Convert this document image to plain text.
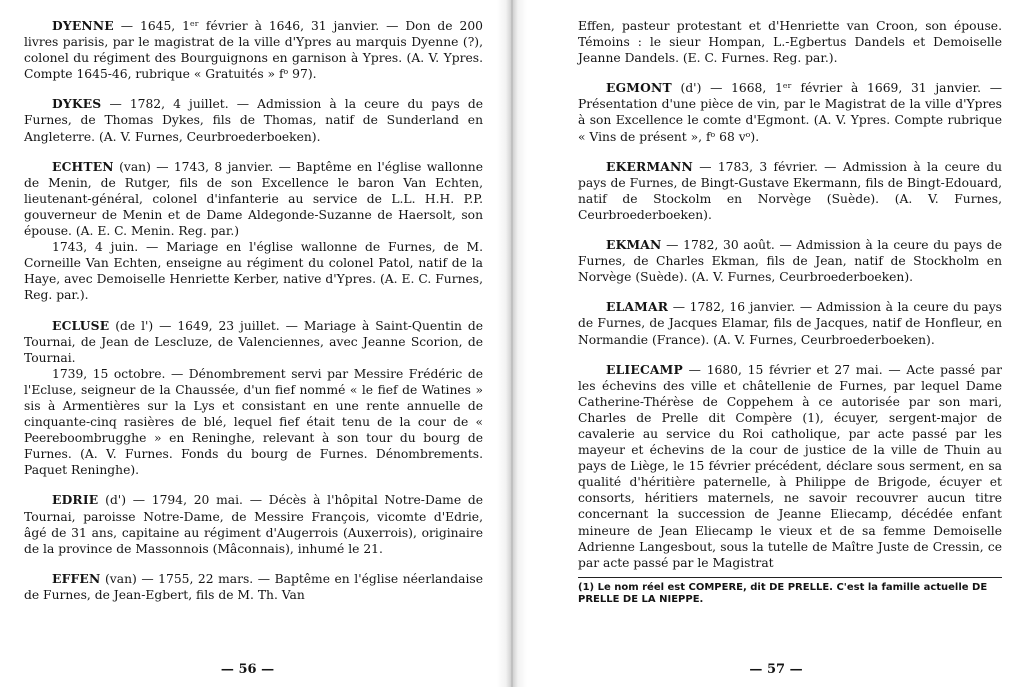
DYENNE — 1645, 1ᵉʳ février à 1646, 31 janvier. — Don de 200 livres parisis, par le magistrat de la ville d'Ypres au marquis Dyenne (?), colonel du régiment des Bourguignons en garnison à Ypres. (A. V. Ypres. Compte 1645-46, rubrique « Gratuités » fᵒ 97).

DYKES — 1782, 4 juillet. — Admission à la ceure du pays de Furnes, de Thomas Dykes, fils de Thomas, natif de Sunderland en Angleterre. (A. V. Furnes, Ceurbroederboeken).

ECHTEN (van) — 1743, 8 janvier. — Baptême en l'église wallonne de Menin, de Rutger, fils de son Excellence le baron Van Echten, lieutenant-général, colonel d'infanterie au service de L.L. H.H. P.P. gouverneur de Menin et de Dame Aldegonde-Suzanne de Haersolt, son épouse. (A. E. C. Menin. Reg. par.)

1743, 4 juin. — Mariage en l'église wallonne de Furnes, de M. Corneille Van Echten, enseigne au régiment du colonel Patol, natif de la Haye, avec Demoiselle Henriette Kerber, native d'Ypres. (A. E. C. Furnes, Reg. par.).

ECLUSE (de l') — 1649, 23 juillet. — Mariage à Saint-Quentin de Tournai, de Jean de Lescluze, de Valenciennes, avec Jeanne Scorion, de Tournai.

1739, 15 octobre. — Dénombrement servi par Messire Frédéric de l'Ecluse, seigneur de la Chaussée, d'un fief nommé « le fief de Watines » sis à Armentières sur la Lys et consistant en une rente annuelle de cinquante-cinq rasières de blé, lequel fief était tenu de la cour de « Peereboombrugghe » en Reninghe, relevant à son tour du bourg de Furnes. (A. V. Furnes. Fonds du bourg de Furnes. Dénombrements. Paquet Reninghe).

EDRIE (d') — 1794, 20 mai. — Décès à l'hôpital Notre-Dame de Tournai, paroisse Notre-Dame, de Messire François, vicomte d'Edrie, âgé de 31 ans, capitaine au régiment d'Augerrois (Auxerrois), originaire de la province de Massonnois (Mâconnais), inhumé le 21.

EFFEN (van) — 1755, 22 mars. — Baptême en l'église néerlandaise de Furnes, de Jean-Egbert, fils de M. Th. Van

Effen, pasteur protestant et d'Henriette van Croon, son épouse. Témoins : le sieur Hompan, L.-Egbertus Dandels et Demoiselle Jeanne Dandels. (E. C. Furnes. Reg. par.).

EGMONT (d') — 1668, 1ᵉʳ février à 1669, 31 janvier. — Présentation d'une pièce de vin, par le Magistrat de la ville d'Ypres à son Excellence le comte d'Egmont. (A. V. Ypres. Compte rubrique « Vins de présent », fᵒ 68 vᵒ).

EKERMANN — 1783, 3 février. — Admission à la ceure du pays de Furnes, de Bingt-Gustave Ekermann, fils de Bingt-Edouard, natif de Stockolm en Norvège (Suède). (A. V. Furnes, Ceurbroederboeken).

EKMAN — 1782, 30 août. — Admission à la ceure du pays de Furnes, de Charles Ekman, fils de Jean, natif de Stockholm en Norvège (Suède). (A. V. Furnes, Ceurbroederboeken).

ELAMAR — 1782, 16 janvier. — Admission à la ceure du pays de Furnes, de Jacques Elamar, fils de Jacques, natif de Honfleur, en Normandie (France). (A. V. Furnes, Ceurbroederboeken).

ELIECAMP — 1680, 15 février et 27 mai. — Acte passé par les échevins des ville et châtellenie de Furnes, par lequel Dame Catherine-Thérèse de Coppehem à ce autorisée par son mari, Charles de Prelle dit Compère (1), écuyer, sergent-major de cavalerie au service du Roi catholique, par acte passé par les mayeur et échevins de la cour de justice de la ville de Thuin au pays de Liège, le 15 février précédent, déclare sous serment, en sa qualité d'héritière paternelle, à Philippe de Brigode, écuyer et consorts, héritiers maternels, ne savoir recouvrer aucun titre concernant la succession de Jeanne Eliecamp, décédée enfant mineure de Jean Eliecamp le vieux et de sa femme Demoiselle Adrienne Langesbout, sous la tutelle de Maître Juste de Cressin, ce par acte passé par le Magistrat

(1) Le nom réel est COMPERE, dit DE PRELLE. C'est la famille actuelle DE PRELLE DE LA NIEPPE.

— 56 —	— 57 —
